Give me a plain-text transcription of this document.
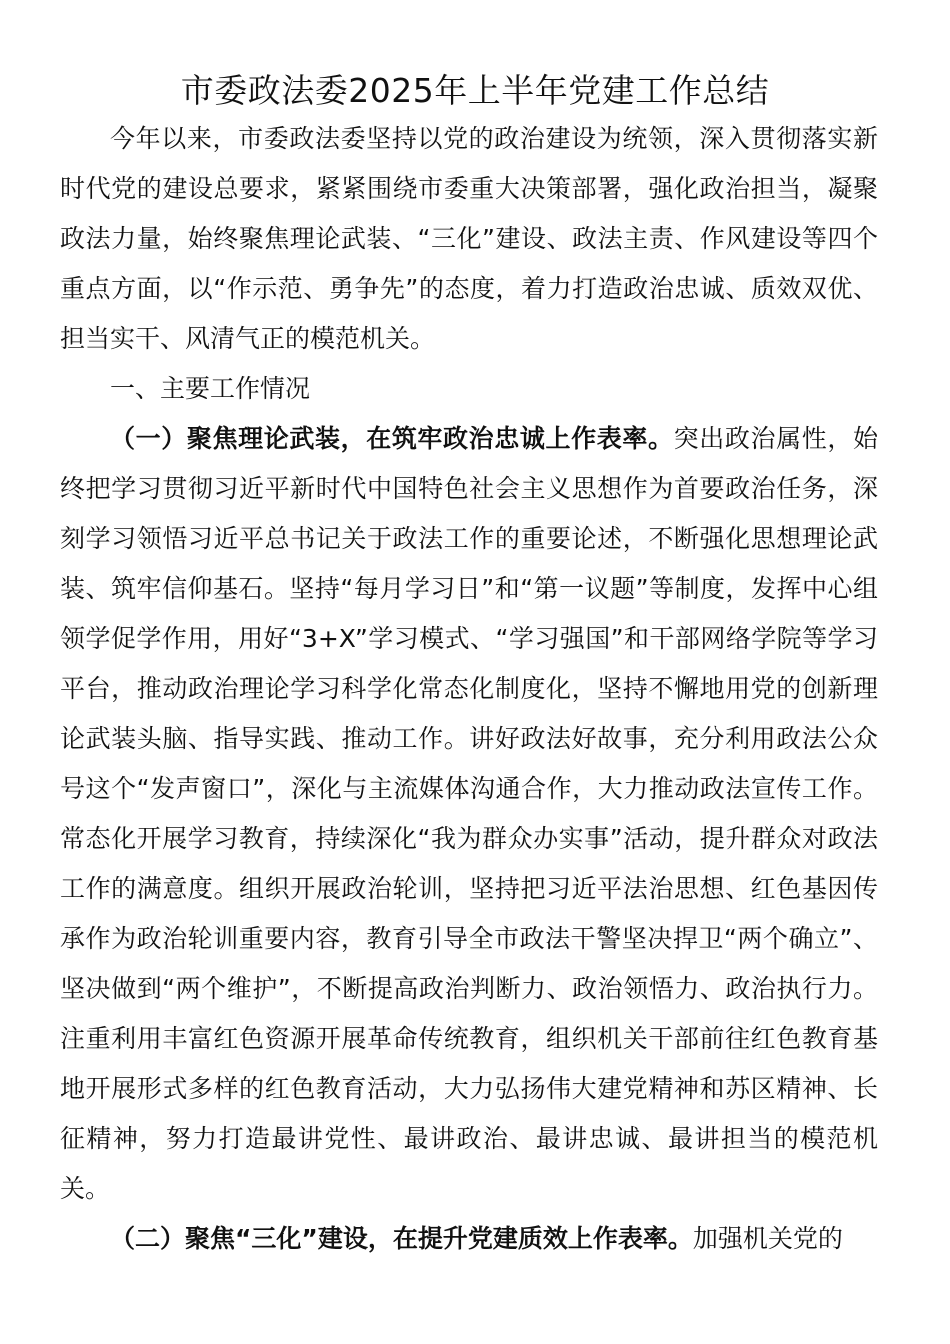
市委政法委2025年上半年党建工作总结

今年以来，市委政法委坚持以党的政治建设为统领，深入贯彻落实新时代党的建设总要求，紧紧围绕市委重大决策部署，强化政治担当，凝聚政法力量，始终聚焦理论武装、“三化”建设、政法主责、作风建设等四个重点方面，以“作示范、勇争先”的态度，着力打造政治忠诚、质效双优、担当实干、风清气正的模范机关。

一、主要工作情况

（一）聚焦理论武装，在筑牢政治忠诚上作表率。突出政治属性，始终把学习贯彻习近平新时代中国特色社会主义思想作为首要政治任务，深刻学习领悟习近平总书记关于政法工作的重要论述，不断强化思想理论武装、筑牢信仰基石。坚持“每月学习日”和“第一议题”等制度，发挥中心组领学促学作用，用好“3+X”学习模式、“学习强国”和干部网络学院等学习平台，推动政治理论学习科学化常态化制度化，坚持不懈地用党的创新理论武装头脑、指导实践、推动工作。讲好政法好故事，充分利用政法公众号这个“发声窗口”，深化与主流媒体沟通合作，大力推动政法宣传工作。常态化开展学习教育，持续深化“我为群众办实事”活动，提升群众对政法工作的满意度。组织开展政治轮训，坚持把习近平法治思想、红色基因传承作为政治轮训重要内容，教育引导全市政法干警坚决捍卫“两个确立”、坚决做到“两个维护”，不断提高政治判断力、政治领悟力、政治执行力。注重利用丰富红色资源开展革命传统教育，组织机关干部前往红色教育基地开展形式多样的红色教育活动，大力弘扬伟大建党精神和苏区精神、长征精神，努力打造最讲党性、最讲政治、最讲忠诚、最讲担当的模范机关。

（二）聚焦“三化”建设，在提升党建质效上作表率。加强机关党的
